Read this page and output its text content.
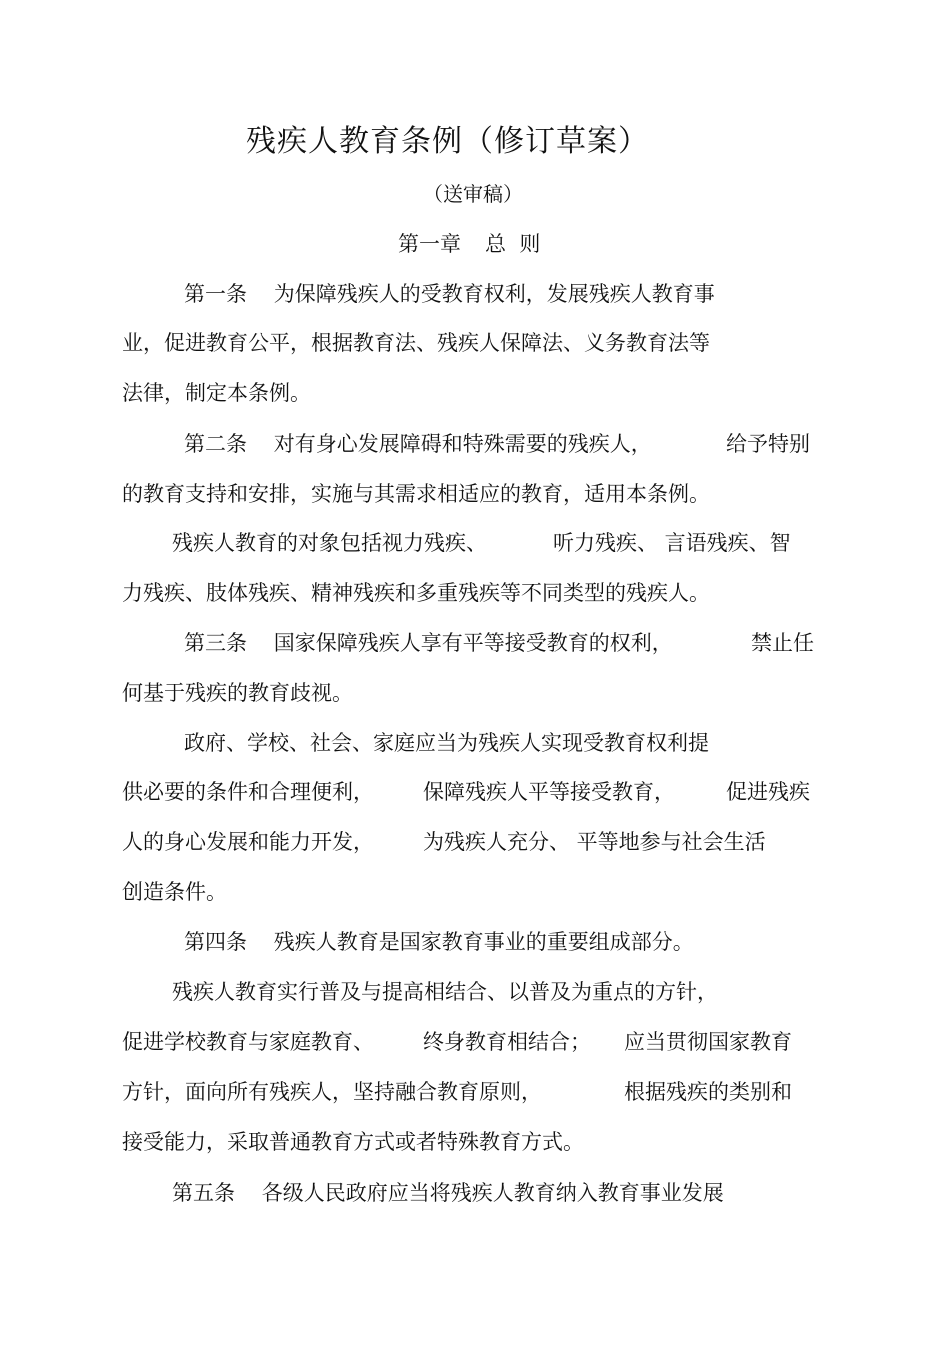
残疾人教育条例（修订草案）
（送审稿）
第一章 总  则
第一条    为保障残疾人的受教育权利，发展残疾人教育事
业，促进教育公平，根据教育法、残疾人保障法、义务教育法等
法律，制定本条例。
第二条    对有身心发展障碍和特殊需要的残疾人，	给予特别
的教育支持和安排，实施与其需求相适应的教育，适用本条例。
残疾人教育的对象包括视力残疾、	听力残疾、 言语残疾、智
力残疾、肢体残疾、精神残疾和多重残疾等不同类型的残疾人。
第三条    国家保障残疾人享有平等接受教育的权利，	禁止任
何基于残疾的教育歧视。
政府、学校、社会、家庭应当为残疾人实现受教育权利提
供必要的条件和合理便利， 保障残疾人平等接受教育， 促进残疾
人的身心发展和能力开发， 为残疾人充分、 平等地参与社会生活
创造条件。
第四条    残疾人教育是国家教育事业的重要组成部分。
残疾人教育实行普及与提高相结合、以普及为重点的方针，
促进学校教育与家庭教育、 终身教育相结合； 应当贯彻国家教育
方针，面向所有残疾人，坚持融合教育原则，	根据残疾的类别和
接受能力，采取普通教育方式或者特殊教育方式。
第五条    各级人民政府应当将残疾人教育纳入教育事业发展
